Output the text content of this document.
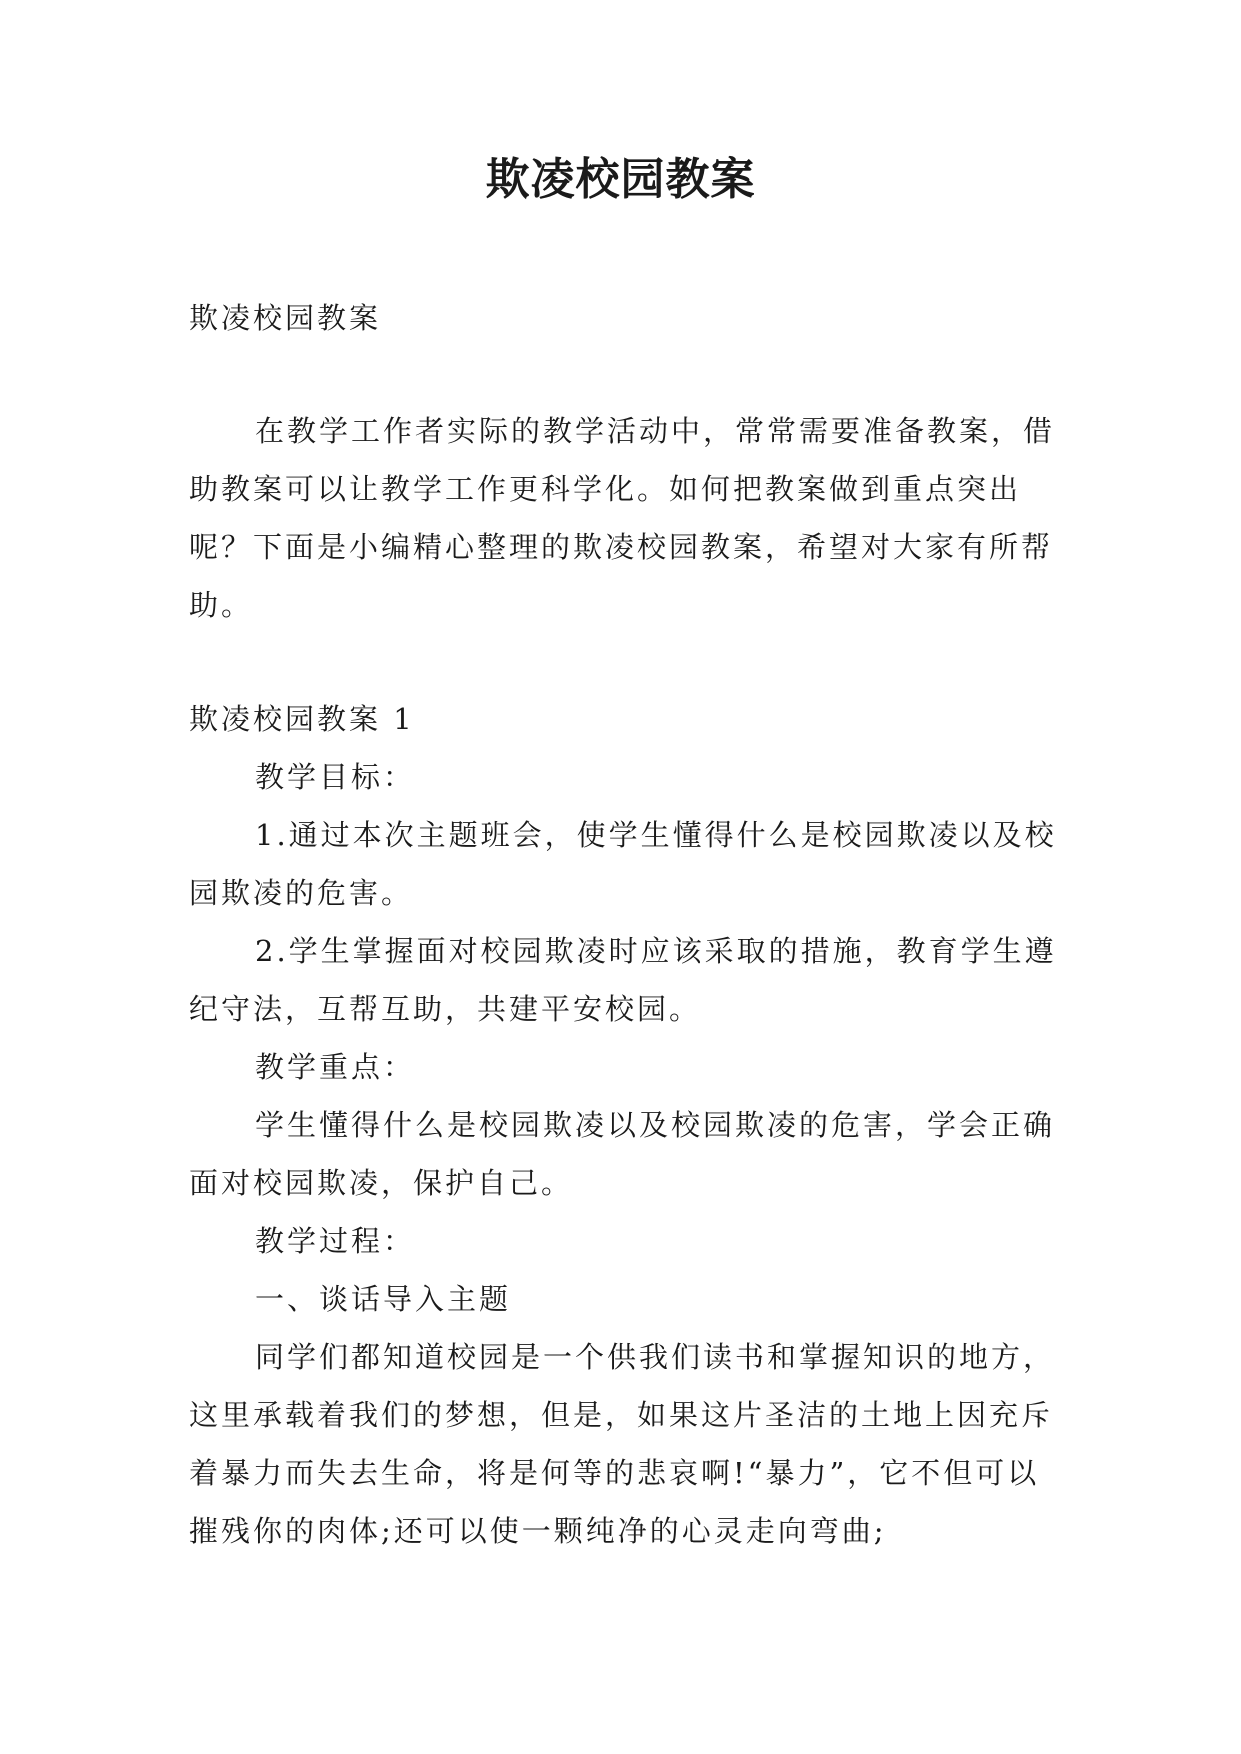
欺凌校园教案

欺凌校园教案

在教学工作者实际的教学活动中，常常需要准备教案，借助教案可以让教学工作更科学化。如何把教案做到重点突出呢？下面是小编精心整理的欺凌校园教案，希望对大家有所帮助。

欺凌校园教案 1

教学目标：

1.通过本次主题班会，使学生懂得什么是校园欺凌以及校园欺凌的危害。

2.学生掌握面对校园欺凌时应该采取的措施，教育学生遵纪守法，互帮互助，共建平安校园。

教学重点：

学生懂得什么是校园欺凌以及校园欺凌的危害，学会正确面对校园欺凌，保护自己。

教学过程：

一、谈话导入主题

同学们都知道校园是一个供我们读书和掌握知识的地方，这里承载着我们的梦想，但是，如果这片圣洁的土地上因充斥着暴力而失去生命，将是何等的悲哀啊!“暴力”，它不但可以摧残你的肉体;还可以使一颗纯净的心灵走向弯曲;
